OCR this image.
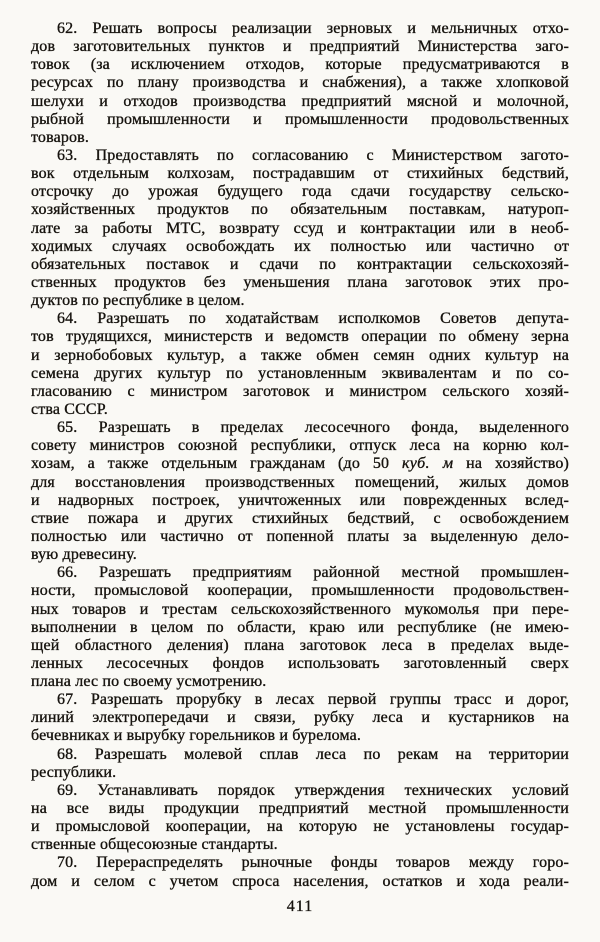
62. Решать вопросы реализации зерновых и мельничных отхо-
дов заготовительных пунктов и предприятий Министерства заго-
товок (за исключением отходов, которые предусматриваются в
ресурсах по плану производства и снабжения), а также хлопковой
шелухи и отходов производства предприятий мясной и молочной,
рыбной промышленности и промышленности продовольственных
товаров.

63. Предоставлять по согласованию с Министерством загото-
вок отдельным колхозам, пострадавшим от стихийных бедствий,
отсрочку до урожая будущего года сдачи государству сельско-
хозяйственных продуктов по обязательным поставкам, натуроп-
лате за работы МТС, возврату ссуд и контрактации или в необ-
ходимых случаях освобождать их полностью или частично от
обязательных поставок и сдачи по контрактации сельскохозяй-
ственных продуктов без уменьшения плана заготовок этих про-
дуктов по республике в целом.

64. Разрешать по ходатайствам исполкомов Советов депута-
тов трудящихся, министерств и ведомств операции по обмену зерна
и зернобобовых культур, а также обмен семян одних культур на
семена других культур по установленным эквивалентам и по со-
гласованию с министром заготовок и министром сельского хозяй-
ства СССР.

65. Разрешать в пределах лесосечного фонда, выделенного
совету министров союзной республики, отпуск леса на корню кол-
хозам, а также отдельным гражданам (до 50 куб. м на хозяйство)
для восстановления производственных помещений, жилых домов
и надворных построек, уничтоженных или поврежденных вслед-
ствие пожара и других стихийных бедствий, с освобождением
полностью или частично от попенной платы за выделенную дело-
вую древесину.

66. Разрешать предприятиям районной местной промышлен-
ности, промысловой кооперации, промышленности продовольствен-
ных товаров и трестам сельскохозяйственного мукомолья при пере-
выполнении в целом по области, краю или республике (не имею-
щей областного деления) плана заготовок леса в пределах выде-
ленных лесосечных фондов использовать заготовленный сверх
плана лес по своему усмотрению.

67. Разрешать прорубку в лесах первой группы трасс и дорог,
линий электропередачи и связи, рубку леса и кустарников на
бечевниках и вырубку горельников и бурелома.

68. Разрешать молевой сплав леса по рекам на территории
республики.

69. Устанавливать порядок утверждения технических условий
на все виды продукции предприятий местной промышленности
и промысловой кооперации, на которую не установлены государ-
ственные общесоюзные стандарты.

70. Перераспределять рыночные фонды товаров между горо-
дом и селом с учетом спроса населения, остатков и хода реали-

411
